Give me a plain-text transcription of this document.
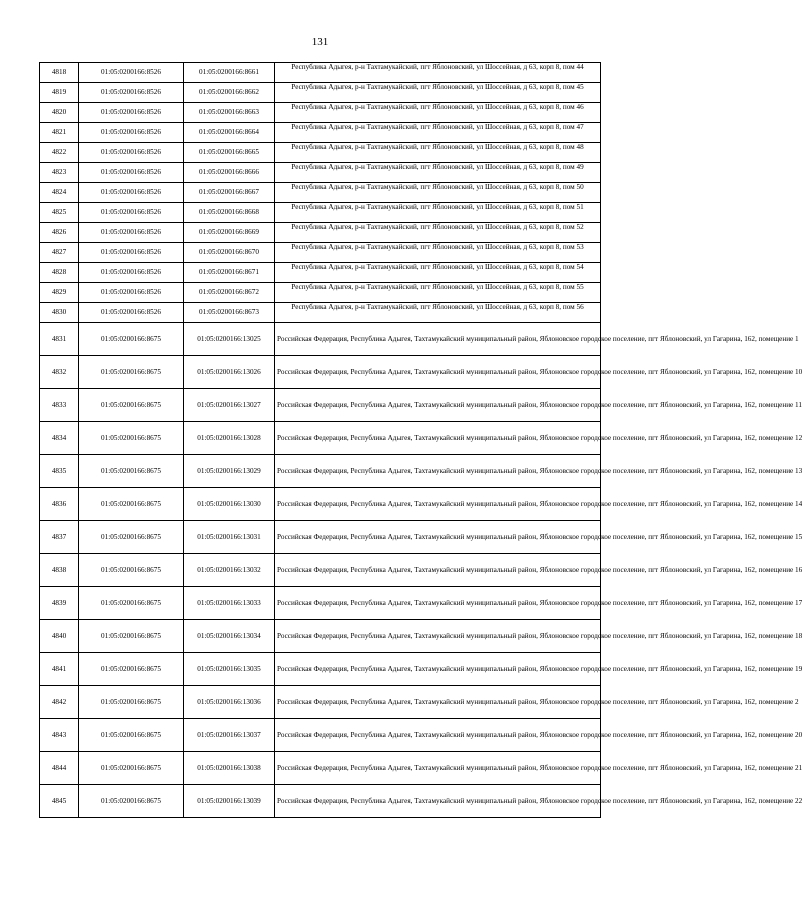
131
4818	01:05:0200166:8526	01:05:0200166:8661	Республика Адыгея, р-н Тахтамукайский, пгт Яблоновский, ул Шоссейная, д 63, корп 8, пом 44
4819	01:05:0200166:8526	01:05:0200166:8662	Республика Адыгея, р-н Тахтамукайский, пгт Яблоновский, ул Шоссейная, д 63, корп 8, пом 45
4820	01:05:0200166:8526	01:05:0200166:8663	Республика Адыгея, р-н Тахтамукайский, пгт Яблоновский, ул Шоссейная, д 63, корп 8, пом 46
4821	01:05:0200166:8526	01:05:0200166:8664	Республика Адыгея, р-н Тахтамукайский, пгт Яблоновский, ул Шоссейная, д 63, корп 8, пом 47
4822	01:05:0200166:8526	01:05:0200166:8665	Республика Адыгея, р-н Тахтамукайский, пгт Яблоновский, ул Шоссейная, д 63, корп 8, пом 48
4823	01:05:0200166:8526	01:05:0200166:8666	Республика Адыгея, р-н Тахтамукайский, пгт Яблоновский, ул Шоссейная, д 63, корп 8, пом 49
4824	01:05:0200166:8526	01:05:0200166:8667	Республика Адыгея, р-н Тахтамукайский, пгт Яблоновский, ул Шоссейная, д 63, корп 8, пом 50
4825	01:05:0200166:8526	01:05:0200166:8668	Республика Адыгея, р-н Тахтамукайский, пгт Яблоновский, ул Шоссейная, д 63, корп 8, пом 51
4826	01:05:0200166:8526	01:05:0200166:8669	Республика Адыгея, р-н Тахтамукайский, пгт Яблоновский, ул Шоссейная, д 63, корп 8, пом 52
4827	01:05:0200166:8526	01:05:0200166:8670	Республика Адыгея, р-н Тахтамукайский, пгт Яблоновский, ул Шоссейная, д 63, корп 8, пом 53
4828	01:05:0200166:8526	01:05:0200166:8671	Республика Адыгея, р-н Тахтамукайский, пгт Яблоновский, ул Шоссейная, д 63, корп 8, пом 54
4829	01:05:0200166:8526	01:05:0200166:8672	Республика Адыгея, р-н Тахтамукайский, пгт Яблоновский, ул Шоссейная, д 63, корп 8, пом 55
4830	01:05:0200166:8526	01:05:0200166:8673	Республика Адыгея, р-н Тахтамукайский, пгт Яблоновский, ул Шоссейная, д 63, корп 8, пом 56
4831	01:05:0200166:8675	01:05:0200166:13025	Российская Федерация, Республика Адыгея, Тахтамукайский муниципальный район, Яблоновское городское поселение, пгт Яблоновский, ул Гагарина, 162, помещение 1
4832	01:05:0200166:8675	01:05:0200166:13026	Российская Федерация, Республика Адыгея, Тахтамукайский муниципальный район, Яблоновское городское поселение, пгт Яблоновский, ул Гагарина, 162, помещение 10
4833	01:05:0200166:8675	01:05:0200166:13027	Российская Федерация, Республика Адыгея, Тахтамукайский муниципальный район, Яблоновское городское поселение, пгт Яблоновский, ул Гагарина, 162, помещение 11
4834	01:05:0200166:8675	01:05:0200166:13028	Российская Федерация, Республика Адыгея, Тахтамукайский муниципальный район, Яблоновское городское поселение, пгт Яблоновский, ул Гагарина, 162, помещение 12
4835	01:05:0200166:8675	01:05:0200166:13029	Российская Федерация, Республика Адыгея, Тахтамукайский муниципальный район, Яблоновское городское поселение, пгт Яблоновский, ул Гагарина, 162, помещение 13
4836	01:05:0200166:8675	01:05:0200166:13030	Российская Федерация, Республика Адыгея, Тахтамукайский муниципальный район, Яблоновское городское поселение, пгт Яблоновский, ул Гагарина, 162, помещение 14
4837	01:05:0200166:8675	01:05:0200166:13031	Российская Федерация, Республика Адыгея, Тахтамукайский муниципальный район, Яблоновское городское поселение, пгт Яблоновский, ул Гагарина, 162, помещение 15
4838	01:05:0200166:8675	01:05:0200166:13032	Российская Федерация, Республика Адыгея, Тахтамукайский муниципальный район, Яблоновское городское поселение, пгт Яблоновский, ул Гагарина, 162, помещение 16
4839	01:05:0200166:8675	01:05:0200166:13033	Российская Федерация, Республика Адыгея, Тахтамукайский муниципальный район, Яблоновское городское поселение, пгт Яблоновский, ул Гагарина, 162, помещение 17
4840	01:05:0200166:8675	01:05:0200166:13034	Российская Федерация, Республика Адыгея, Тахтамукайский муниципальный район, Яблоновское городское поселение, пгт Яблоновский, ул Гагарина, 162, помещение 18
4841	01:05:0200166:8675	01:05:0200166:13035	Российская Федерация, Республика Адыгея, Тахтамукайский муниципальный район, Яблоновское городское поселение, пгт Яблоновский, ул Гагарина, 162, помещение 19
4842	01:05:0200166:8675	01:05:0200166:13036	Российская Федерация, Республика Адыгея, Тахтамукайский муниципальный район, Яблоновское городское поселение, пгт Яблоновский, ул Гагарина, 162, помещение 2
4843	01:05:0200166:8675	01:05:0200166:13037	Российская Федерация, Республика Адыгея, Тахтамукайский муниципальный район, Яблоновское городское поселение, пгт Яблоновский, ул Гагарина, 162, помещение 20
4844	01:05:0200166:8675	01:05:0200166:13038	Российская Федерация, Республика Адыгея, Тахтамукайский муниципальный район, Яблоновское городское поселение, пгт Яблоновский, ул Гагарина, 162, помещение 21
4845	01:05:0200166:8675	01:05:0200166:13039	Российская Федерация, Республика Адыгея, Тахтамукайский муниципальный район, Яблоновское городское поселение, пгт Яблоновский, ул Гагарина, 162, помещение 22
